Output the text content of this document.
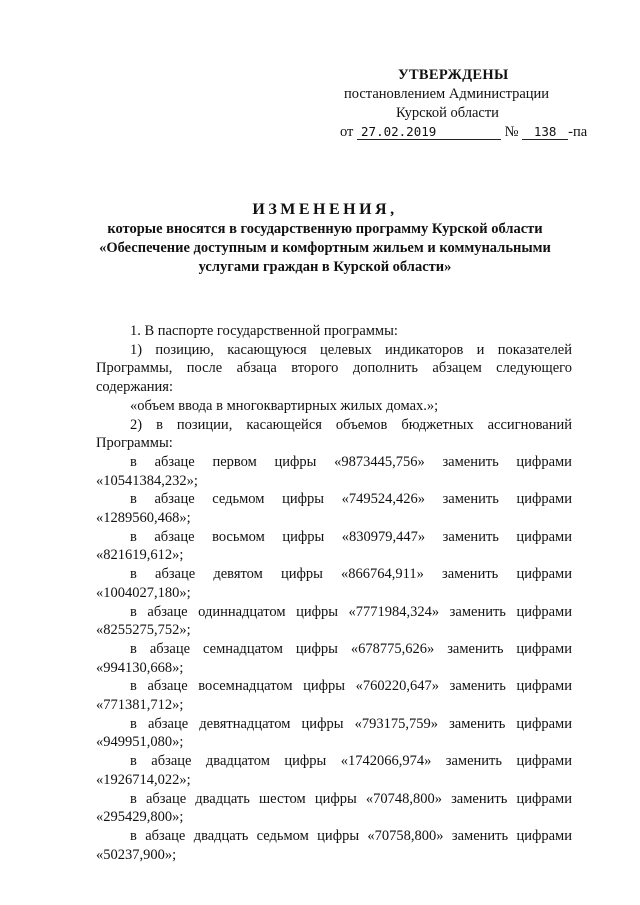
УТВЕРЖДЕНЫ
постановлением Администрации
Курской области
от 27.02.2019	№ 138 -па
ИЗМЕНЕНИЯ,
которые вносятся в государственную программу Курской области
«Обеспечение доступным и комфортным жильем и коммунальными
услугами граждан в Курской области»

1. В паспорте государственной программы:

1) позицию, касающуюся целевых индикаторов и показателей

Программы, после абзаца второго дополнить абзацем следующего

содержания:

«объем ввода в многоквартирных жилых домах.»;

2) в позиции, касающейся объемов бюджетных ассигнований

Программы:

в абзаце первом цифры «9873445,756» заменить цифрами
«10541384,232»;
в абзаце седьмом цифры «749524,426» заменить цифрами
«1289560,468»;
в абзаце восьмом цифры «830979,447» заменить цифрами
«821619,612»;
в абзаце девятом цифры «866764,911» заменить цифрами
«1004027,180»;
в абзаце одиннадцатом цифры «7771984,324» заменить цифрами
«8255275,752»;
в абзаце семнадцатом цифры «678775,626» заменить цифрами
«994130,668»;
в абзаце восемнадцатом цифры «760220,647» заменить цифрами
«771381,712»;
в абзаце девятнадцатом цифры «793175,759» заменить цифрами
«949951,080»;
в абзаце двадцатом цифры «1742066,974» заменить цифрами
«1926714,022»;
в абзаце двадцать шестом цифры «70748,800» заменить цифрами
«295429,800»;
в абзаце двадцать седьмом цифры «70758,800» заменить цифрами
«50237,900»;
